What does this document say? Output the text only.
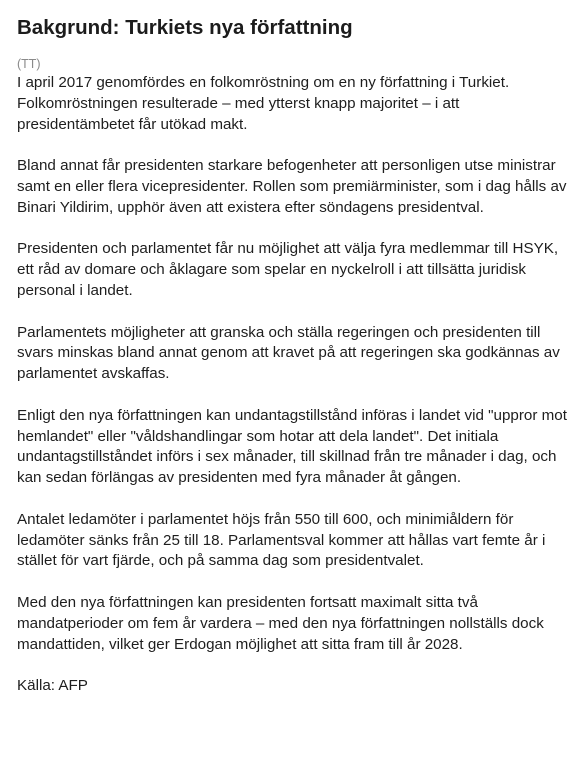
Bakgrund: Turkiets nya författning
(TT)

I april 2017 genomfördes en folkomröstning om en ny författning i Turkiet. Folkomröstningen resulterade – med ytterst knapp majoritet – i att presidentämbetet får utökad makt.

Bland annat får presidenten starkare befogenheter att personligen utse ministrar samt en eller flera vicepresidenter. Rollen som premiärminister, som i dag hålls av Binari Yildirim, upphör även att existera efter söndagens presidentval.

Presidenten och parlamentet får nu möjlighet att välja fyra medlemmar till HSYK, ett råd av domare och åklagare som spelar en nyckelroll i att tillsätta juridisk personal i landet.

Parlamentets möjligheter att granska och ställa regeringen och presidenten till svars minskas bland annat genom att kravet på att regeringen ska godkännas av parlamentet avskaffas.

Enligt den nya författningen kan undantagstillstånd införas i landet vid "uppror mot hemlandet" eller "våldshandlingar som hotar att dela landet". Det initiala undantagstillståndet införs i sex månader, till skillnad från tre månader i dag, och kan sedan förlängas av presidenten med fyra månader åt gången.

Antalet ledamöter i parlamentet höjs från 550 till 600, och minimiåldern för ledamöter sänks från 25 till 18. Parlamentsval kommer att hållas vart femte år i stället för vart fjärde, och på samma dag som presidentvalet.

Med den nya författningen kan presidenten fortsatt maximalt sitta två mandatperioder om fem år vardera – med den nya författningen nollställs dock mandattiden, vilket ger Erdogan möjlighet att sitta fram till år 2028.

Källa: AFP
